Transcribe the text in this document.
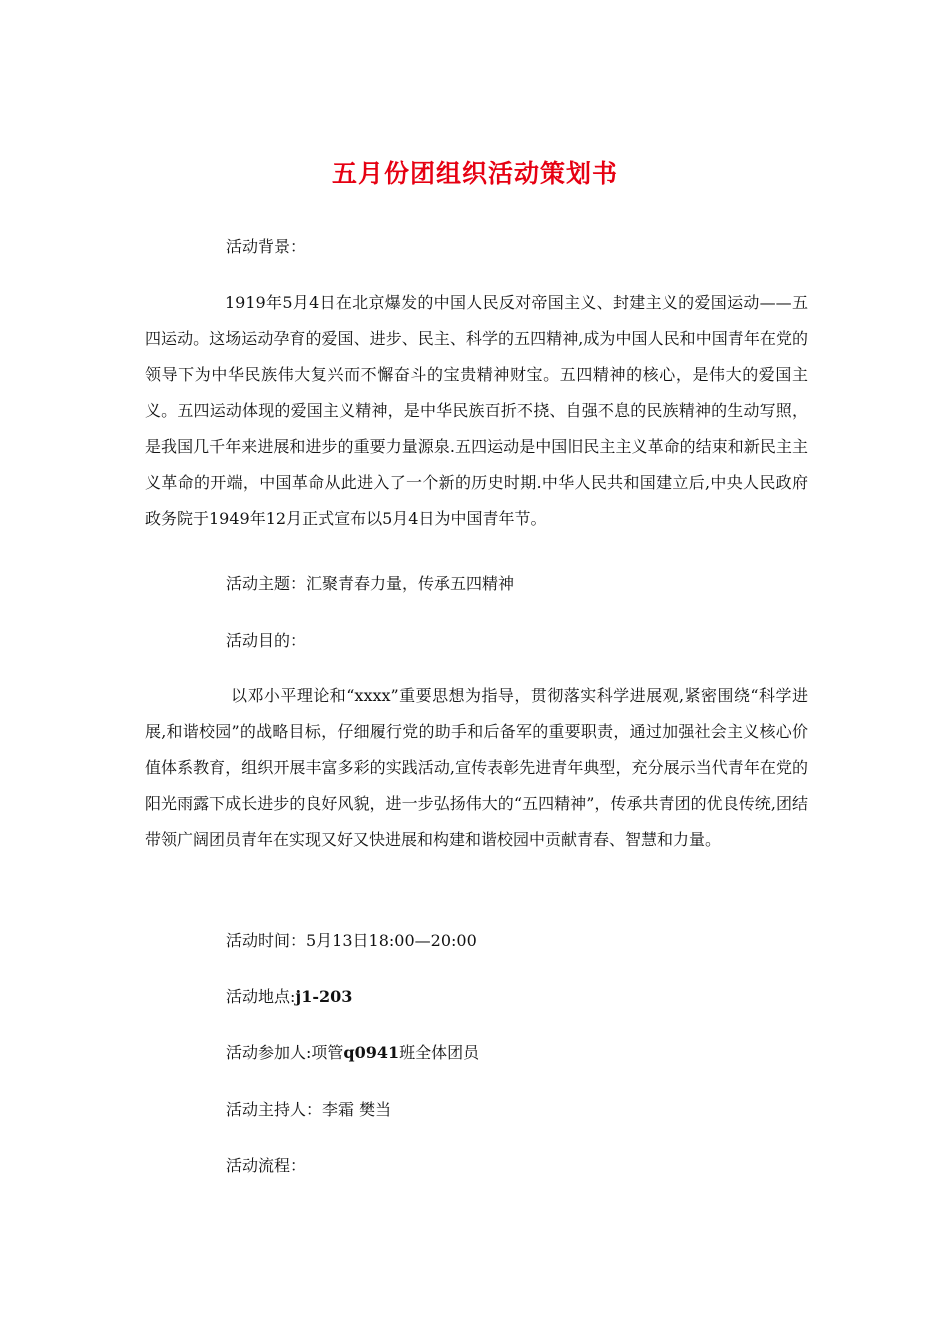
五月份团组织活动策划书
活动背景：
1919年5月4日在北京爆发的中国人民反对帝国主义、封建主义的爱国运动——五四运动。这场运动孕育的爱国、进步、民主、科学的五四精神,成为中国人民和中国青年在党的领导下为中华民族伟大复兴而不懈奋斗的宝贵精神财宝。五四精神的核心，是伟大的爱国主义。五四运动体现的爱国主义精神，是中华民族百折不挠、自强不息的民族精神的生动写照，是我国几千年来进展和进步的重要力量源泉.五四运动是中国旧民主主义革命的结束和新民主主义革命的开端，中国革命从此进入了一个新的历史时期.中华人民共和国建立后,中央人民政府政务院于1949年12月正式宣布以5月4日为中国青年节。
活动主题：汇聚青春力量，传承五四精神
活动目的：
以邓小平理论和“xxxx”重要思想为指导，贯彻落实科学进展观,紧密围绕“科学进展,和谐校园”的战略目标，仔细履行党的助手和后备军的重要职责，通过加强社会主义核心价值体系教育，组织开展丰富多彩的实践活动,宣传表彰先进青年典型，充分展示当代青年在党的阳光雨露下成长进步的良好风貌，进一步弘扬伟大的“五四精神”，传承共青团的优良传统,团结带领广阔团员青年在实现又好又快进展和构建和谐校园中贡献青春、智慧和力量。
活动时间：5月13日18:00—20:00
活动地点:j1-203
活动参加人:项管q0941班全体团员
活动主持人：李霜 樊当
活动流程：
